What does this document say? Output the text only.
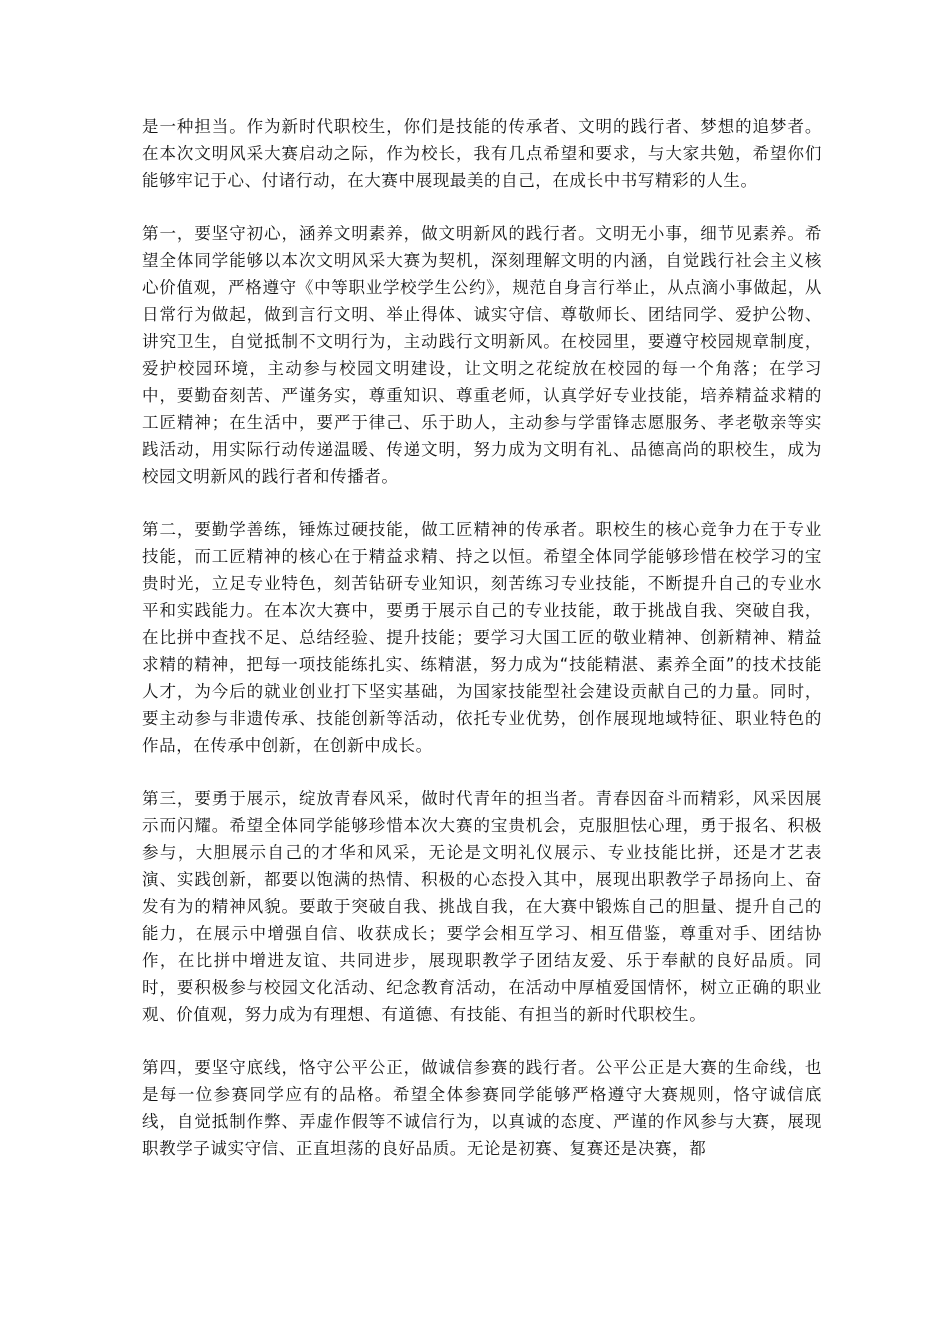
是一种担当。作为新时代职校生，你们是技能的传承者、文明的践行者、梦想的追梦者。在本次文明风采大赛启动之际，作为校长，我有几点希望和要求，与大家共勉，希望你们能够牢记于心、付诸行动，在大赛中展现最美的自己，在成长中书写精彩的人生。

第一，要坚守初心，涵养文明素养，做文明新风的践行者。文明无小事，细节见素养。希望全体同学能够以本次文明风采大赛为契机，深刻理解文明的内涵，自觉践行社会主义核心价值观，严格遵守《中等职业学校学生公约》，规范自身言行举止，从点滴小事做起，从日常行为做起，做到言行文明、举止得体、诚实守信、尊敬师长、团结同学、爱护公物、讲究卫生，自觉抵制不文明行为，主动践行文明新风。在校园里，要遵守校园规章制度，爱护校园环境，主动参与校园文明建设，让文明之花绽放在校园的每一个角落；在学习中，要勤奋刻苦、严谨务实，尊重知识、尊重老师，认真学好专业技能，培养精益求精的工匠精神；在生活中，要严于律己、乐于助人，主动参与学雷锋志愿服务、孝老敬亲等实践活动，用实际行动传递温暖、传递文明，努力成为文明有礼、品德高尚的职校生，成为校园文明新风的践行者和传播者。

第二，要勤学善练，锤炼过硬技能，做工匠精神的传承者。职校生的核心竞争力在于专业技能，而工匠精神的核心在于精益求精、持之以恒。希望全体同学能够珍惜在校学习的宝贵时光，立足专业特色，刻苦钻研专业知识，刻苦练习专业技能，不断提升自己的专业水平和实践能力。在本次大赛中，要勇于展示自己的专业技能，敢于挑战自我、突破自我，在比拼中查找不足、总结经验、提升技能；要学习大国工匠的敬业精神、创新精神、精益求精的精神，把每一项技能练扎实、练精湛，努力成为“技能精湛、素养全面”的技术技能人才，为今后的就业创业打下坚实基础，为国家技能型社会建设贡献自己的力量。同时，要主动参与非遗传承、技能创新等活动，依托专业优势，创作展现地域特征、职业特色的作品，在传承中创新，在创新中成长。

第三，要勇于展示，绽放青春风采，做时代青年的担当者。青春因奋斗而精彩，风采因展示而闪耀。希望全体同学能够珍惜本次大赛的宝贵机会，克服胆怯心理，勇于报名、积极参与，大胆展示自己的才华和风采，无论是文明礼仪展示、专业技能比拼，还是才艺表演、实践创新，都要以饱满的热情、积极的心态投入其中，展现出职教学子昂扬向上、奋发有为的精神风貌。要敢于突破自我、挑战自我，在大赛中锻炼自己的胆量、提升自己的能力，在展示中增强自信、收获成长；要学会相互学习、相互借鉴，尊重对手、团结协作，在比拼中增进友谊、共同进步，展现职教学子团结友爱、乐于奉献的良好品质。同时，要积极参与校园文化活动、纪念教育活动，在活动中厚植爱国情怀，树立正确的职业观、价值观，努力成为有理想、有道德、有技能、有担当的新时代职校生。

第四，要坚守底线，恪守公平公正，做诚信参赛的践行者。公平公正是大赛的生命线，也是每一位参赛同学应有的品格。希望全体参赛同学能够严格遵守大赛规则，恪守诚信底线，自觉抵制作弊、弄虚作假等不诚信行为，以真诚的态度、严谨的作风参与大赛，展现职教学子诚实守信、正直坦荡的良好品质。无论是初赛、复赛还是决赛，都
